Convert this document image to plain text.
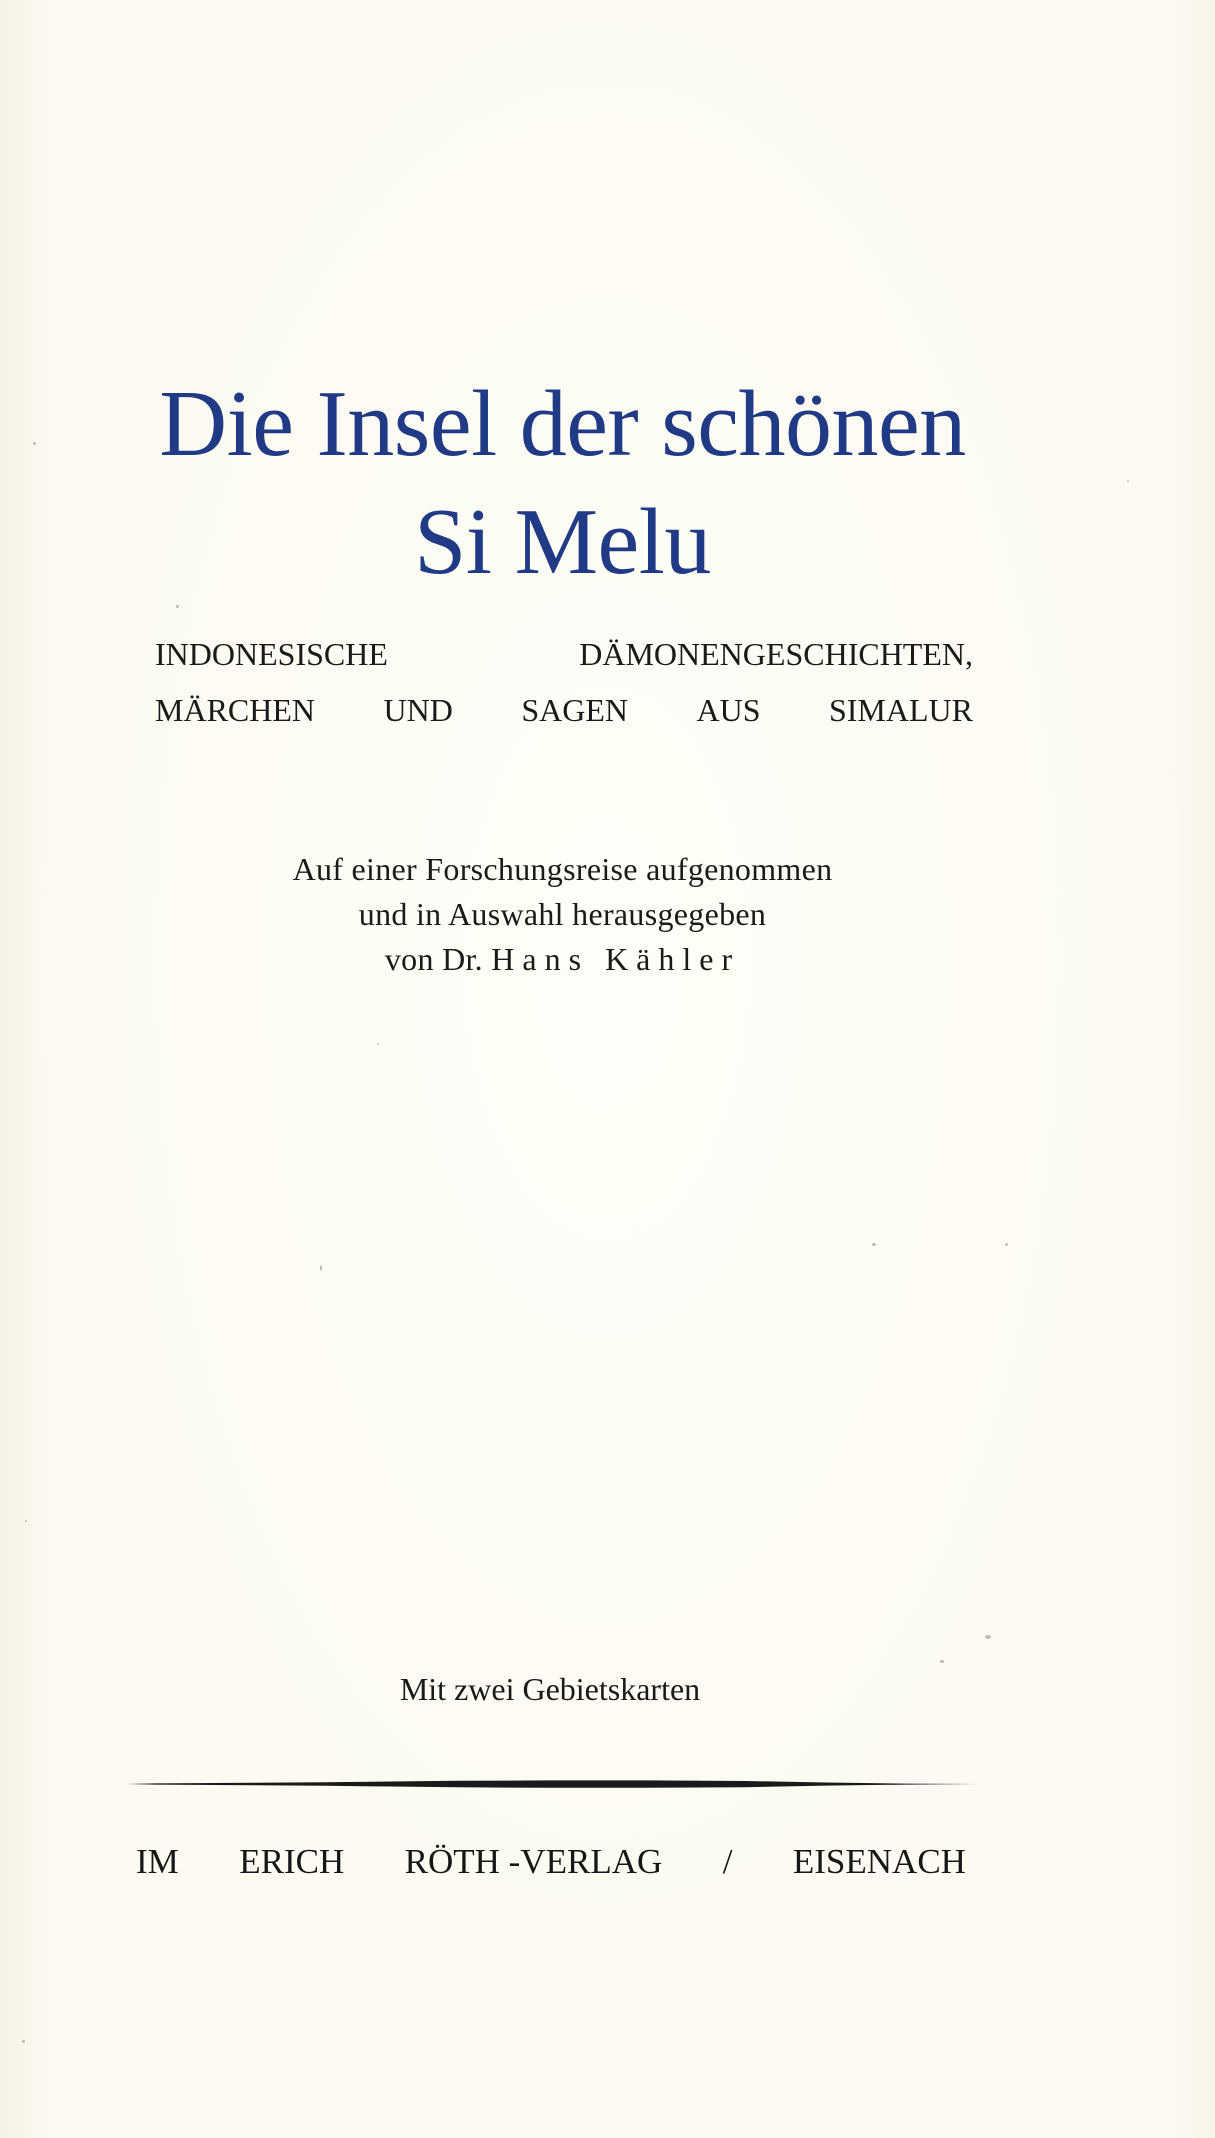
Die Insel der schönen
Si Melu
INDONESISCHE	DÄMONENGESCHICHTEN,
MÄRCHEN UND SAGEN AUS SIMALUR
Auf einer Forschungsreise aufgenommen
und in Auswahl herausgegeben
von Dr. Hans Kähler
Mit zwei Gebietskarten
IM ERICH RÖTH -VERLAG / EISENACH
